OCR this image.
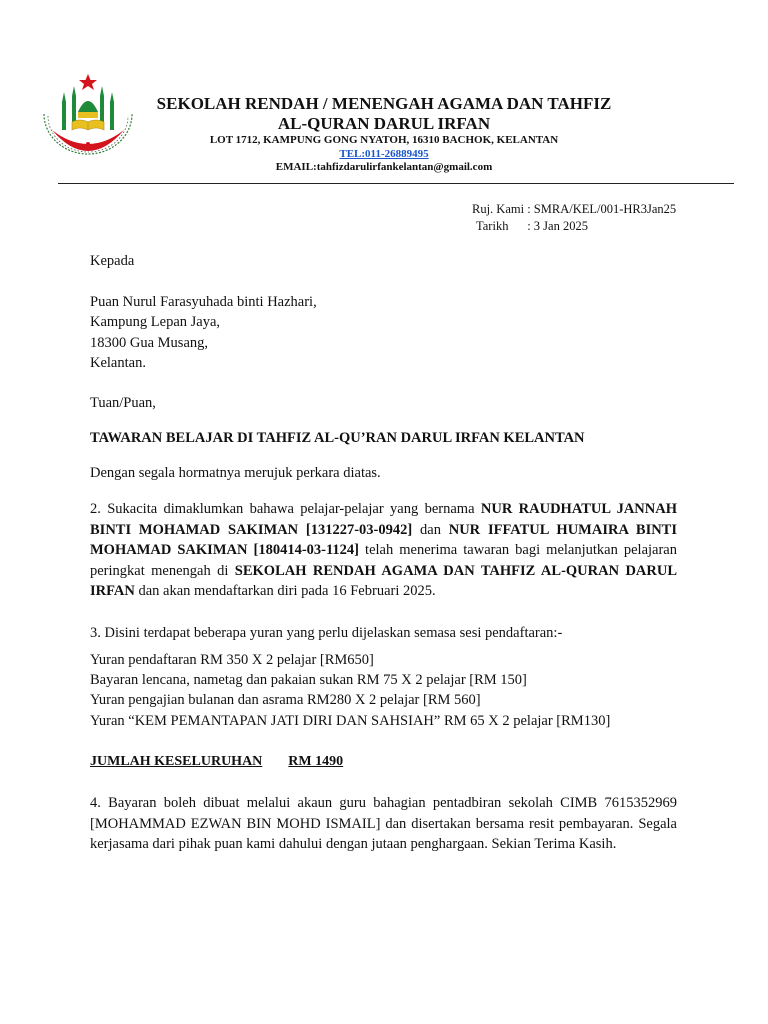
SEKOLAH RENDAH / MENENGAH AGAMA DAN TAHFIZ
AL-QURAN DARUL IRFAN
LOT 1712, KAMPUNG GONG NYATOH, 16310 BACHOK, KELANTAN
TEL:011-26889495
EMAIL:tahfizdarulirfankelantan@gmail.com
Ruj. Kami : SMRA/KEL/001-HR3Jan25
Tarikh      : 3 Jan 2025
Kepada
Puan Nurul Farasyuhada binti Hazhari,
Kampung Lepan Jaya,
18300 Gua Musang,
Kelantan.
Tuan/Puan,
TAWARAN BELAJAR DI TAHFIZ AL-QU’RAN DARUL IRFAN KELANTAN
Dengan segala hormatnya merujuk perkara diatas.
2. Sukacita dimaklumkan bahawa pelajar-pelajar yang bernama NUR RAUDHATUL JANNAH BINTI MOHAMAD SAKIMAN [131227-03-0942] dan NUR IFFATUL HUMAIRA BINTI MOHAMAD SAKIMAN [180414-03-1124] telah menerima tawaran bagi melanjutkan pelajaran peringkat menengah di SEKOLAH RENDAH AGAMA DAN TAHFIZ AL-QURAN DARUL IRFAN dan akan mendaftarkan diri pada 16 Februari 2025.
3. Disini terdapat beberapa yuran yang perlu dijelaskan semasa sesi pendaftaran:-
Yuran pendaftaran RM 350 X 2 pelajar [RM650]
Bayaran lencana, nametag dan pakaian sukan RM 75 X 2 pelajar [RM 150]
Yuran pengajian bulanan dan asrama RM280 X 2 pelajar [RM 560]
Yuran “KEM PEMANTAPAN JATI DIRI DAN SAHSIAH” RM 65 X 2 pelajar [RM130]
JUMLAH KESELURUHAN RM 1490
4. Bayaran boleh dibuat melalui akaun guru bahagian pentadbiran sekolah CIMB 7615352969 [MOHAMMAD EZWAN BIN MOHD ISMAIL] dan disertakan bersama resit pembayaran. Segala kerjasama dari pihak puan kami dahului dengan jutaan penghargaan. Sekian Terima Kasih.
